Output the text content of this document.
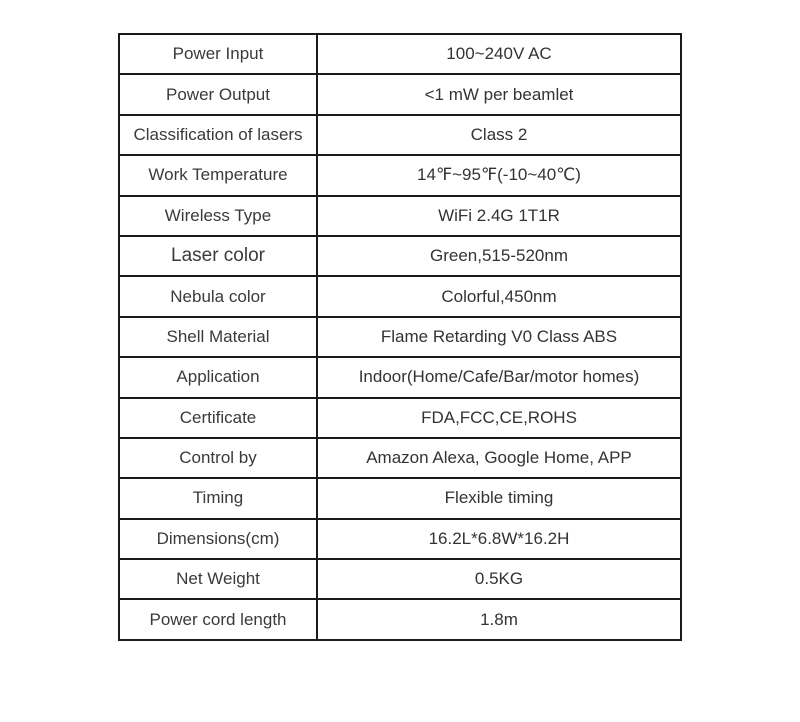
Power Input	100~240V AC
Power Output	<1 mW per beamlet
Classification of lasers	Class 2
Work Temperature	14℉~95℉(-10~40℃)
Wireless Type	WiFi 2.4G 1T1R
Laser color	Green,515-520nm
Nebula color	Colorful,450nm
Shell Material	Flame Retarding V0 Class ABS
Application	Indoor(Home/Cafe/Bar/motor homes)
Certificate	FDA,FCC,CE,ROHS
Control by	Amazon Alexa, Google Home, APP
Timing	Flexible timing
Dimensions(cm)	16.2L*6.8W*16.2H
Net Weight	0.5KG
Power cord length	1.8m
